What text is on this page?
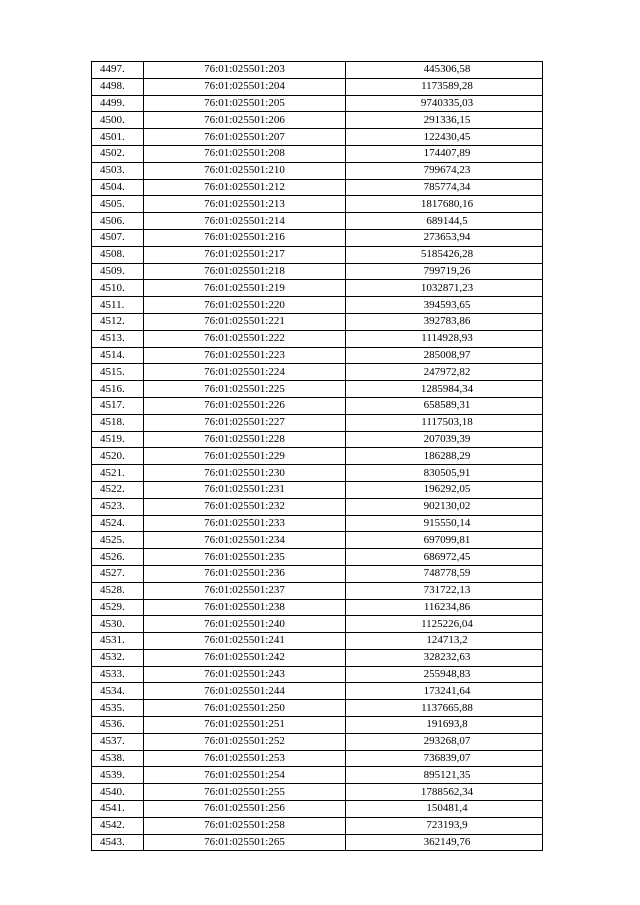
4497.	76:01:025501:203	445306,58
4498.	76:01:025501:204	1173589,28
4499.	76:01:025501:205	9740335,03
4500.	76:01:025501:206	291336,15
4501.	76:01:025501:207	122430,45
4502.	76:01:025501:208	174407,89
4503.	76:01:025501:210	799674,23
4504.	76:01:025501:212	785774,34
4505.	76:01:025501:213	1817680,16
4506.	76:01:025501:214	689144,5
4507.	76:01:025501:216	273653,94
4508.	76:01:025501:217	5185426,28
4509.	76:01:025501:218	799719,26
4510.	76:01:025501:219	1032871,23
4511.	76:01:025501:220	394593,65
4512.	76:01:025501:221	392783,86
4513.	76:01:025501:222	1114928,93
4514.	76:01:025501:223	285008,97
4515.	76:01:025501:224	247972,82
4516.	76:01:025501:225	1285984,34
4517.	76:01:025501:226	658589,31
4518.	76:01:025501:227	1117503,18
4519.	76:01:025501:228	207039,39
4520.	76:01:025501:229	186288,29
4521.	76:01:025501:230	830505,91
4522.	76:01:025501:231	196292,05
4523.	76:01:025501:232	902130,02
4524.	76:01:025501:233	915550,14
4525.	76:01:025501:234	697099,81
4526.	76:01:025501:235	686972,45
4527.	76:01:025501:236	748778,59
4528.	76:01:025501:237	731722,13
4529.	76:01:025501:238	116234,86
4530.	76:01:025501:240	1125226,04
4531.	76:01:025501:241	124713,2
4532.	76:01:025501:242	328232,63
4533.	76:01:025501:243	255948,83
4534.	76:01:025501:244	173241,64
4535.	76:01:025501:250	1137665,88
4536.	76:01:025501:251	191693,8
4537.	76:01:025501:252	293268,07
4538.	76:01:025501:253	736839,07
4539.	76:01:025501:254	895121,35
4540.	76:01:025501:255	1788562,34
4541.	76:01:025501:256	150481,4
4542.	76:01:025501:258	723193,9
4543.	76:01:025501:265	362149,76
